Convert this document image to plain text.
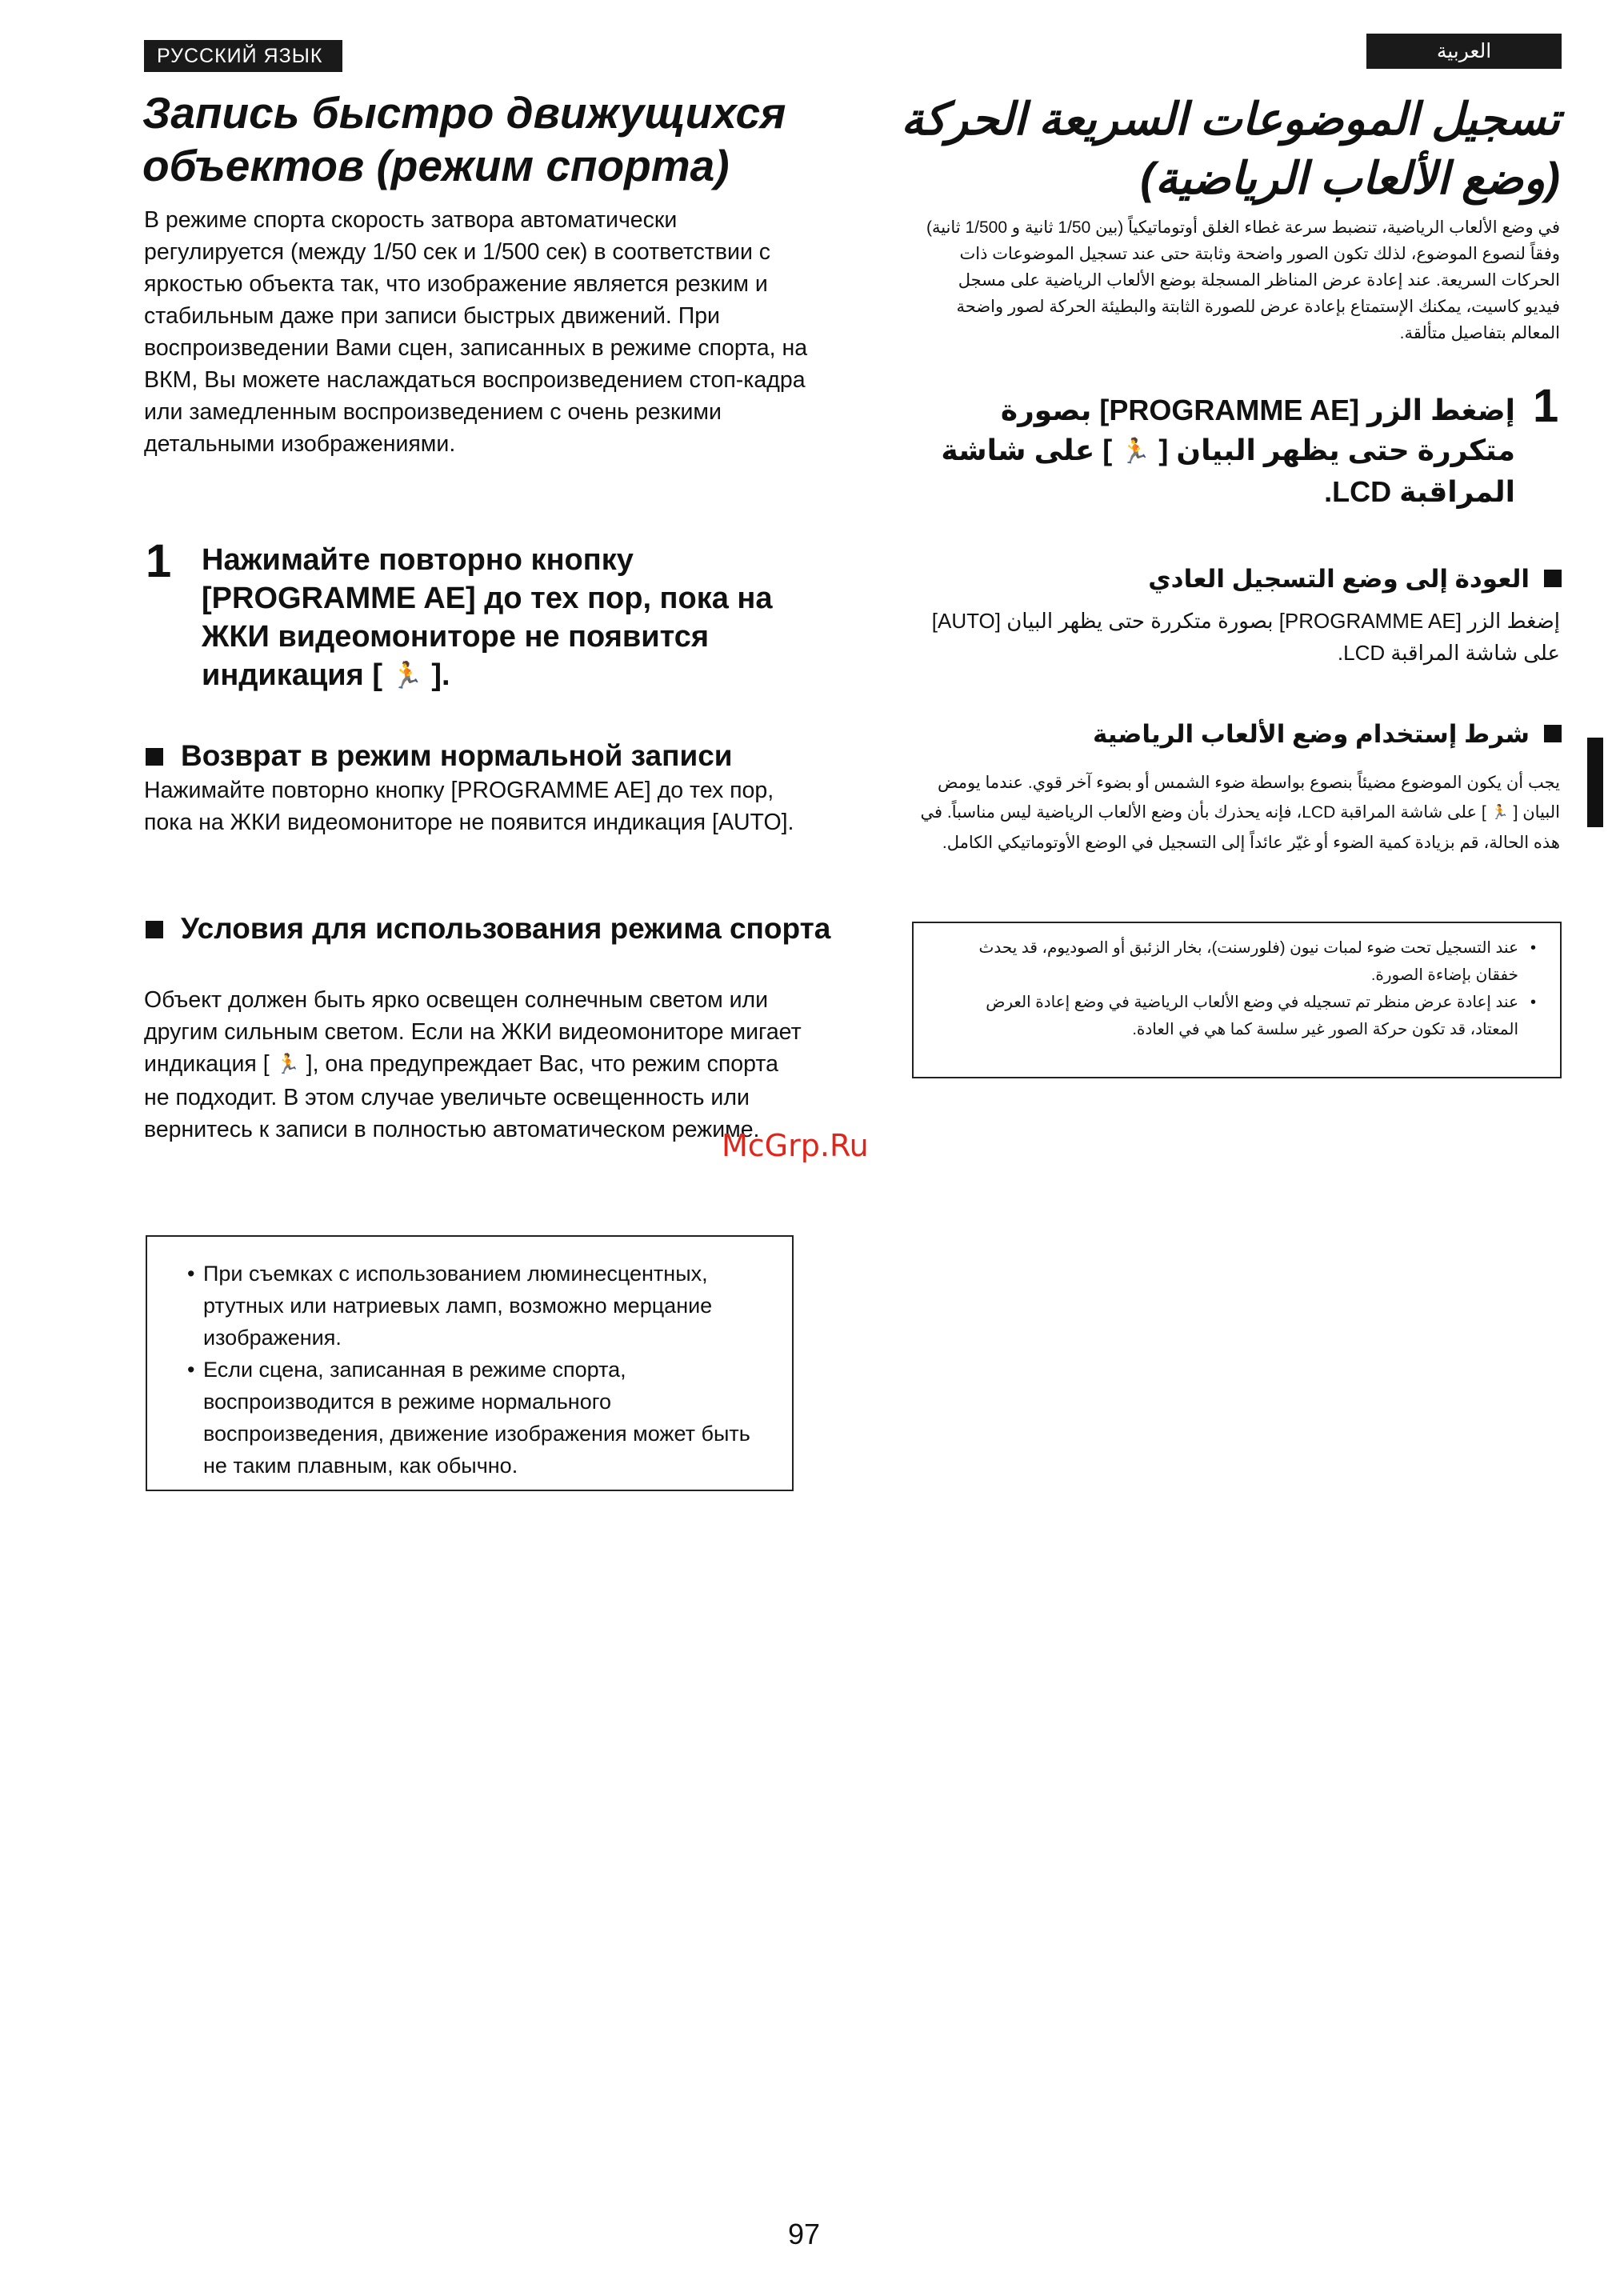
РУССКИЙ ЯЗЫК	العربية
Запись быстро движущихся
объектов (режим спорта)

В режиме спорта скорость затвора автоматически регулируется (между 1/50 сек и 1/500 сек) в соответствии с яркостью объекта так, что изображение является резким и стабильным даже при записи быстрых движений. При воспроизведении Вами сцен, записанных в режиме спорта, на ВКМ, Вы можете наслаждаться воспроизведением стоп-кадра или замедленным воспроизведением с очень резкими детальными изображениями.

1 Нажимайте повторно кнопку [PROGRAMME AE] до тех пор, пока на ЖКИ видеомониторе не появится индикация [ 🏃 ].

Возврат в режим нормальной записи

Нажимайте повторно кнопку [PROGRAMME AE] до тех пор, пока на ЖКИ видеомониторе не появится индикация [AUTO].

Условия для использования режима спорта

Объект должен быть ярко освещен солнечным светом или другим сильным светом. Если на ЖКИ видеомониторе мигает индикация [ 🏃 ], она предупреждает Вас, что режим спорта не подходит. В этом случае увеличьте освещенность или вернитесь к записи в полностью автоматическом режиме.

• При съемках с использованием люминесцентных, ртутных или натриевых ламп, возможно мерцание изображения.
• Если сцена, записанная в режиме спорта, воспроизводится в режиме нормального воспроизведения, движение изображения может быть не таким плавным, как обычно.
تسجيل الموضوعات السريعة الحركة
(وضع الألعاب الرياضية)

في وضع الألعاب الرياضية، تنضبط سرعة غطاء الغلق أوتوماتيكياً (بين 1/50 ثانية و 1/500 ثانية) وفقاً لنصوع الموضوع، لذلك تكون الصور واضحة وثابتة حتى عند تسجيل الموضوعات ذات الحركات السريعة. عند إعادة عرض المناظر المسجلة بوضع الألعاب الرياضية على مسجل فيديو كاسيت، يمكنك الإستمتاع بإعادة عرض للصورة الثابتة والبطيئة الحركة لصور واضحة المعالم بتفاصيل متألقة.

1

إضغط الزر [PROGRAMME AE] بصورة متكررة حتى يظهر البيان [ 🏃 ] على شاشة المراقبة LCD.

العودة إلى وضع التسجيل العادي

إضغط الزر [PROGRAMME AE] بصورة متكررة حتى يظهر البيان [AUTO] على شاشة المراقبة LCD.

شرط إستخدام وضع الألعاب الرياضية

يجب أن يكون الموضوع مضيئاً بنصوع بواسطة ضوء الشمس أو بضوء آخر قوي. عندما يومض البيان [ 🏃 ] على شاشة المراقبة LCD، فإنه يحذرك بأن وضع الألعاب الرياضية ليس مناسباً. في هذه الحالة، قم بزيادة كمية الضوء أو غيّر عائداً إلى التسجيل في الوضع الأوتوماتيكي الكامل.

• عند التسجيل تحت ضوء لمبات نيون (فلورسنت)، بخار الزئبق أو الصوديوم، قد يحدث خفقان بإضاءة الصورة.
• عند إعادة عرض منظر تم تسجيله في وضع الألعاب الرياضية في وضع إعادة العرض المعتاد، قد تكون حركة الصور غير سلسة كما هي في العادة.
McGrp.Ru
97
